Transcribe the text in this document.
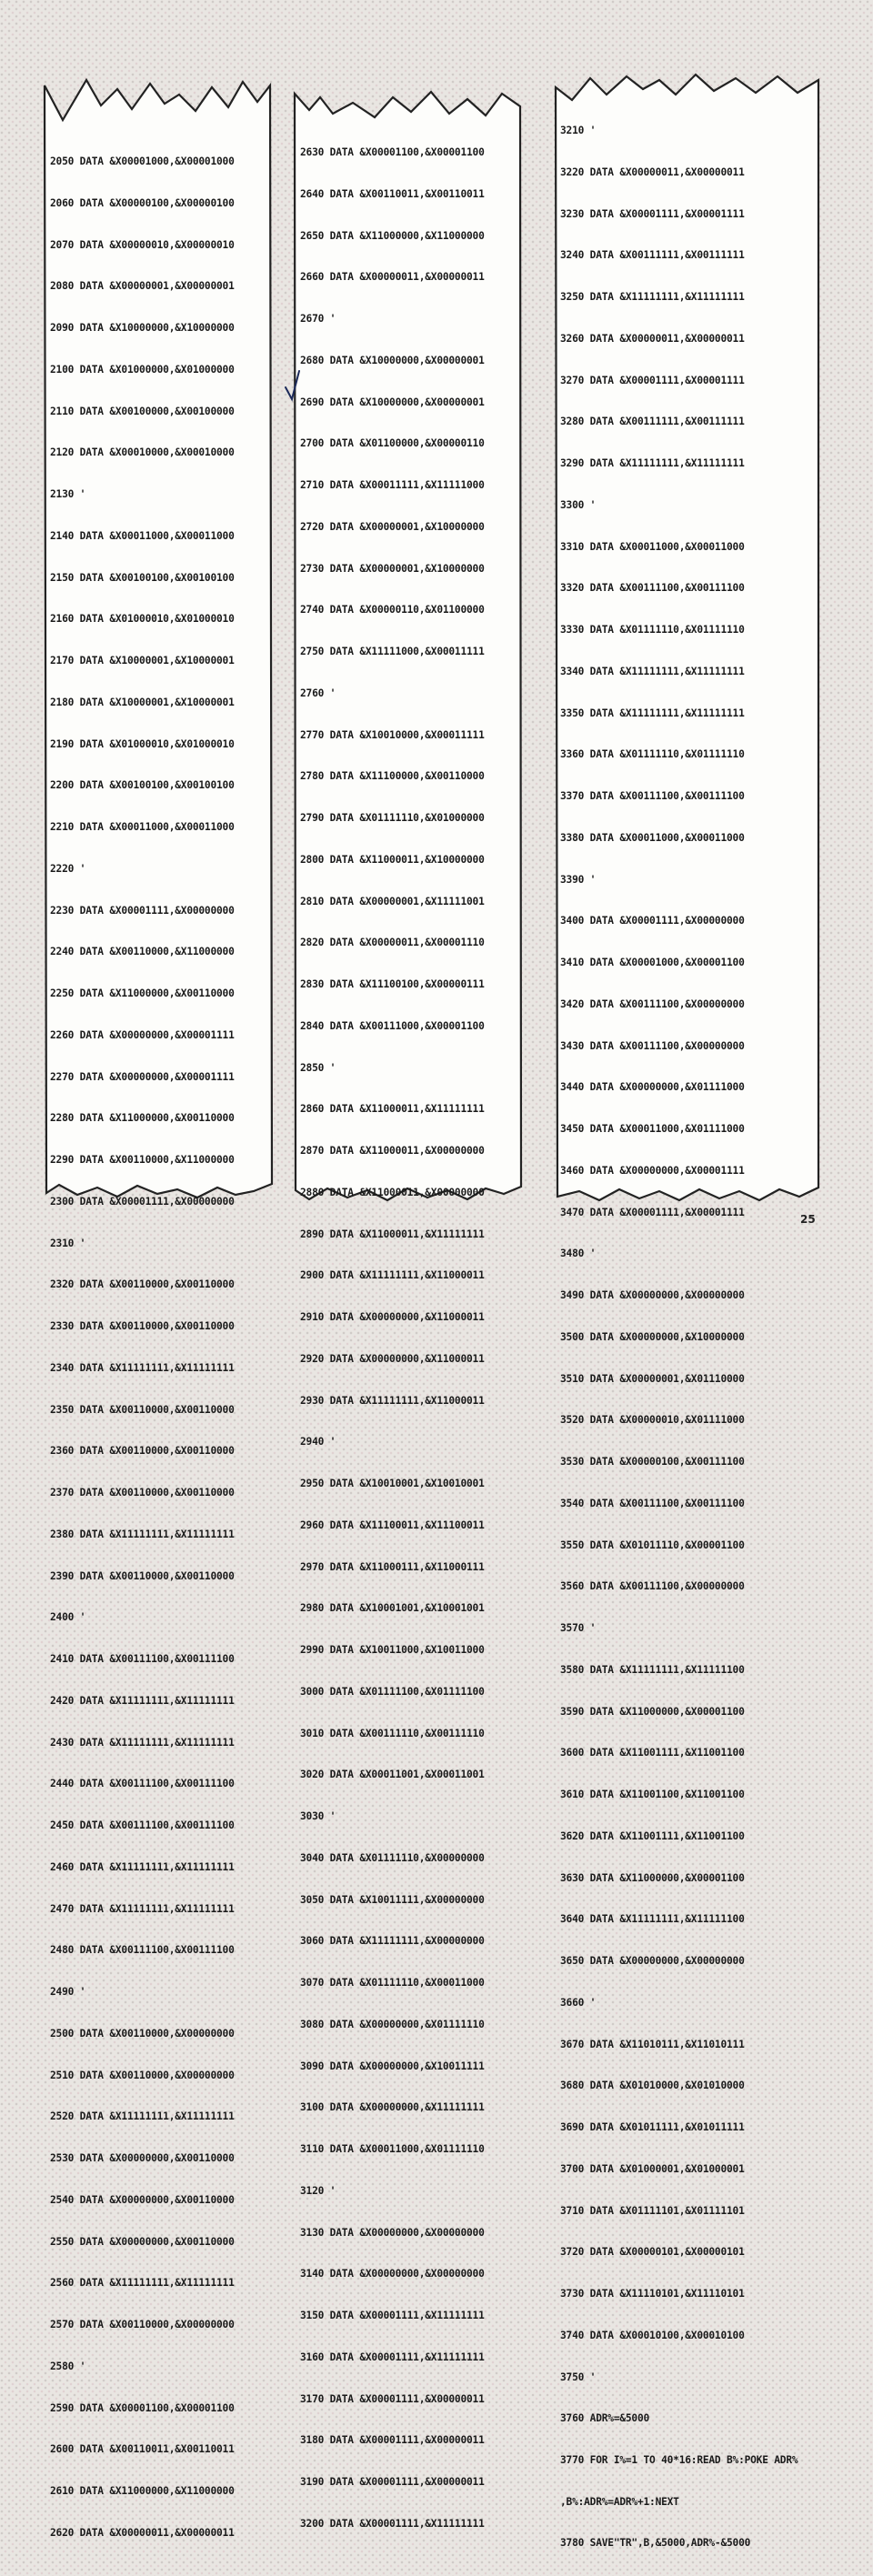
2050 DATA &X00001000,&X00001000

2060 DATA &X00000100,&X00000100

2070 DATA &X00000010,&X00000010

2080 DATA &X00000001,&X00000001

2090 DATA &X10000000,&X10000000

2100 DATA &X01000000,&X01000000

2110 DATA &X00100000,&X00100000

2120 DATA &X00010000,&X00010000

2130 '

2140 DATA &X00011000,&X00011000

2150 DATA &X00100100,&X00100100

2160 DATA &X01000010,&X01000010

2170 DATA &X10000001,&X10000001

2180 DATA &X10000001,&X10000001

2190 DATA &X01000010,&X01000010

2200 DATA &X00100100,&X00100100

2210 DATA &X00011000,&X00011000

2220 '

2230 DATA &X00001111,&X00000000

2240 DATA &X00110000,&X11000000

2250 DATA &X11000000,&X00110000

2260 DATA &X00000000,&X00001111

2270 DATA &X00000000,&X00001111

2280 DATA &X11000000,&X00110000

2290 DATA &X00110000,&X11000000

2300 DATA &X00001111,&X00000000

2310 '

2320 DATA &X00110000,&X00110000

2330 DATA &X00110000,&X00110000

2340 DATA &X11111111,&X11111111

2350 DATA &X00110000,&X00110000

2360 DATA &X00110000,&X00110000

2370 DATA &X00110000,&X00110000

2380 DATA &X11111111,&X11111111

2390 DATA &X00110000,&X00110000

2400 '

2410 DATA &X00111100,&X00111100

2420 DATA &X11111111,&X11111111

2430 DATA &X11111111,&X11111111

2440 DATA &X00111100,&X00111100

2450 DATA &X00111100,&X00111100

2460 DATA &X11111111,&X11111111

2470 DATA &X11111111,&X11111111

2480 DATA &X00111100,&X00111100

2490 '

2500 DATA &X00110000,&X00000000

2510 DATA &X00110000,&X00000000

2520 DATA &X11111111,&X11111111

2530 DATA &X00000000,&X00110000

2540 DATA &X00000000,&X00110000

2550 DATA &X00000000,&X00110000

2560 DATA &X11111111,&X11111111

2570 DATA &X00110000,&X00000000

2580 '

2590 DATA &X00001100,&X00001100

2600 DATA &X00110011,&X00110011

2610 DATA &X11000000,&X11000000

2620 DATA &X00000011,&X00000011

2630 DATA &X00001100,&X00001100

2640 DATA &X00110011,&X00110011

2650 DATA &X11000000,&X11000000

2660 DATA &X00000011,&X00000011

2670 '

2680 DATA &X10000000,&X00000001

2690 DATA &X10000000,&X00000001

2700 DATA &X01100000,&X00000110

2710 DATA &X00011111,&X11111000

2720 DATA &X00000001,&X10000000

2730 DATA &X00000001,&X10000000

2740 DATA &X00000110,&X01100000

2750 DATA &X11111000,&X00011111

2760 '

2770 DATA &X10010000,&X00011111

2780 DATA &X11100000,&X00110000

2790 DATA &X01111110,&X01000000

2800 DATA &X11000011,&X10000000

2810 DATA &X00000001,&X11111001

2820 DATA &X00000011,&X00001110

2830 DATA &X11100100,&X00000111

2840 DATA &X00111000,&X00001100

2850 '

2860 DATA &X11000011,&X11111111

2870 DATA &X11000011,&X00000000

2880 DATA &X11000011,&X00000000

2890 DATA &X11000011,&X11111111

2900 DATA &X11111111,&X11000011

2910 DATA &X00000000,&X11000011

2920 DATA &X00000000,&X11000011

2930 DATA &X11111111,&X11000011

2940 '

2950 DATA &X10010001,&X10010001

2960 DATA &X11100011,&X11100011

2970 DATA &X11000111,&X11000111

2980 DATA &X10001001,&X10001001

2990 DATA &X10011000,&X10011000

3000 DATA &X01111100,&X01111100

3010 DATA &X00111110,&X00111110

3020 DATA &X00011001,&X00011001

3030 '

3040 DATA &X01111110,&X00000000

3050 DATA &X10011111,&X00000000

3060 DATA &X11111111,&X00000000

3070 DATA &X01111110,&X00011000

3080 DATA &X00000000,&X01111110

3090 DATA &X00000000,&X10011111

3100 DATA &X00000000,&X11111111

3110 DATA &X00011000,&X01111110

3120 '

3130 DATA &X00000000,&X00000000

3140 DATA &X00000000,&X00000000

3150 DATA &X00001111,&X11111111

3160 DATA &X00001111,&X11111111

3170 DATA &X00001111,&X00000011

3180 DATA &X00001111,&X00000011

3190 DATA &X00001111,&X00000011

3200 DATA &X00001111,&X11111111

3210 '

3220 DATA &X00000011,&X00000011

3230 DATA &X00001111,&X00001111

3240 DATA &X00111111,&X00111111

3250 DATA &X11111111,&X11111111

3260 DATA &X00000011,&X00000011

3270 DATA &X00001111,&X00001111

3280 DATA &X00111111,&X00111111

3290 DATA &X11111111,&X11111111

3300 '

3310 DATA &X00011000,&X00011000

3320 DATA &X00111100,&X00111100

3330 DATA &X01111110,&X01111110

3340 DATA &X11111111,&X11111111

3350 DATA &X11111111,&X11111111

3360 DATA &X01111110,&X01111110

3370 DATA &X00111100,&X00111100

3380 DATA &X00011000,&X00011000

3390 '

3400 DATA &X00001111,&X00000000

3410 DATA &X00001000,&X00001100

3420 DATA &X00111100,&X00000000

3430 DATA &X00111100,&X00000000

3440 DATA &X00000000,&X01111000

3450 DATA &X00011000,&X01111000

3460 DATA &X00000000,&X00001111

3470 DATA &X00001111,&X00001111

3480 '

3490 DATA &X00000000,&X00000000

3500 DATA &X00000000,&X10000000

3510 DATA &X00000001,&X01110000

3520 DATA &X00000010,&X01111000

3530 DATA &X00000100,&X00111100

3540 DATA &X00111100,&X00111100

3550 DATA &X01011110,&X00001100

3560 DATA &X00111100,&X00000000

3570 '

3580 DATA &X11111111,&X11111100

3590 DATA &X11000000,&X00001100

3600 DATA &X11001111,&X11001100

3610 DATA &X11001100,&X11001100

3620 DATA &X11001111,&X11001100

3630 DATA &X11000000,&X00001100

3640 DATA &X11111111,&X11111100

3650 DATA &X00000000,&X00000000

3660 '

3670 DATA &X11010111,&X11010111

3680 DATA &X01010000,&X01010000

3690 DATA &X01011111,&X01011111

3700 DATA &X01000001,&X01000001

3710 DATA &X01111101,&X01111101

3720 DATA &X00000101,&X00000101

3730 DATA &X11110101,&X11110101

3740 DATA &X00010100,&X00010100

3750 '

3760 ADR%=&5000

3770 FOR I%=1 TO 40*16:READ B%:POKE ADR%

,B%:ADR%=ADR%+1:NEXT

3780 SAVE"TR",B,&5000,ADR%-&5000

25
